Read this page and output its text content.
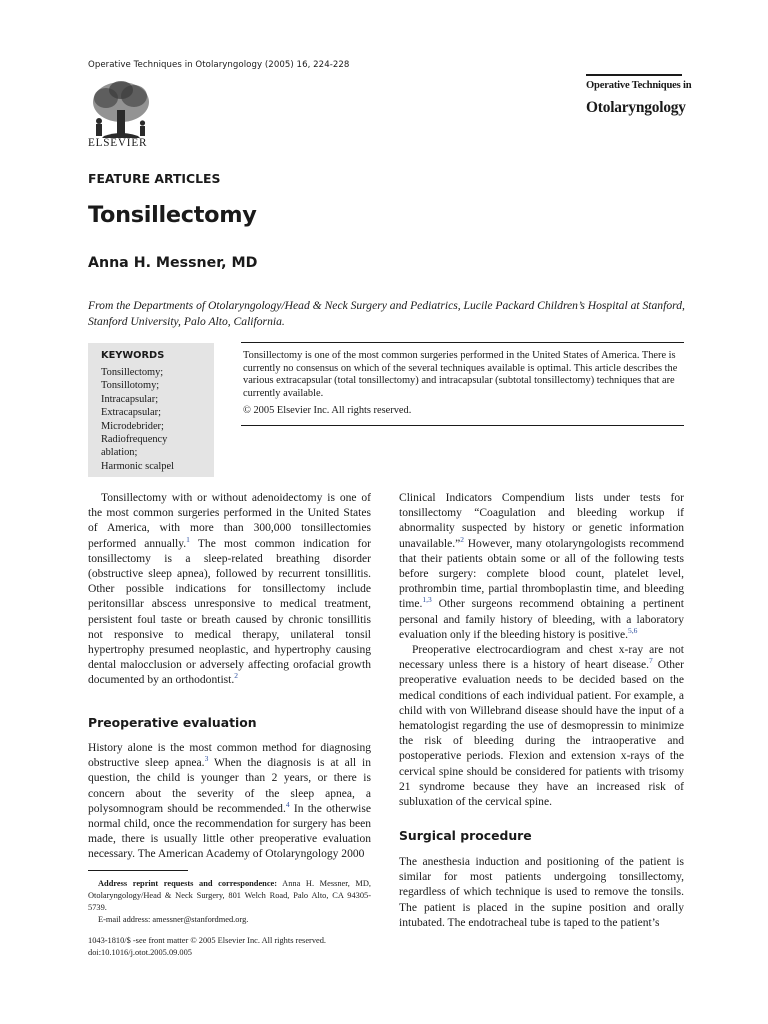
Operative Techniques in Otolaryngology (2005) 16, 224-228
ELSEVIER
Operative Techniques in
Otolaryngology
FEATURE ARTICLES
Tonsillectomy
Anna H. Messner, MD
From the Departments of Otolaryngology/Head & Neck Surgery and Pediatrics, Lucile Packard Children’s Hospital at Stanford, Stanford University, Palo Alto, California.
KEYWORDS
Tonsillectomy;
Tonsillotomy;
Intracapsular;
Extracapsular;
Microdebrider;
Radiofrequency
ablation;
Harmonic scalpel
Tonsillectomy is one of the most common surgeries performed in the United States of America. There is currently no consensus on which of the several techniques available is optimal. This article describes the various extracapsular (total tonsillectomy) and intracapsular (subtotal tonsillectomy) techniques that are currently available.
© 2005 Elsevier Inc. All rights reserved.

Tonsillectomy with or without adenoidectomy is one of the most common surgeries performed in the United States of America, with more than 300,000 tonsillectomies performed annually.$^1$ The most common indication for tonsillectomy is a sleep-related breathing disorder (obstructive sleep apnea), followed by recurrent tonsillitis. Other possible indications for tonsillectomy include peritonsillar abscess unresponsive to medical treatment, persistent foul taste or breath caused by chronic tonsillitis not responsive to medical therapy, unilateral tonsil hypertrophy presumed neoplastic, and hypertrophy causing dental malocclusion or adversely affecting orofacial growth documented by an orthodontist.$^2$

Preoperative evaluation

History alone is the most common method for diagnosing obstructive sleep apnea.$^3$ When the diagnosis is at all in question, the child is younger than 2 years, or there is concern about the severity of the sleep apnea, a polysomnogram should be recommended.$^4$ In the otherwise normal child, once the recommendation for surgery has been made, there is usually little other preoperative evaluation necessary. The American Academy of Otolaryngology 2000

Clinical Indicators Compendium lists under tests for tonsillectomy “Coagulation and bleeding workup if abnormality suspected by history or genetic information unavailable.”$^2$ However, many otolaryngologists recommend that their patients obtain some or all of the following tests before surgery: complete blood count, platelet level, prothrombin time, partial thromboplastin time, and bleeding time.$^{1,3}$ Other surgeons recommend obtaining a pertinent personal and family history of bleeding, with a laboratory evaluation only if the bleeding history is positive.$^{5,6}$

Preoperative electrocardiogram and chest x-ray are not necessary unless there is a history of heart disease.$^7$ Other preoperative evaluation needs to be decided based on the medical conditions of each individual patient. For example, a child with von Willebrand disease should have the input of a hematologist regarding the use of desmopressin to minimize the risk of bleeding during the intraoperative and postoperative periods. Flexion and extension x-rays of the cervical spine should be considered for patients with trisomy 21 syndrome because they have an increased risk of subluxation of the cervical spine.

Surgical procedure

The anesthesia induction and positioning of the patient is similar for most patients undergoing tonsillectomy, regardless of which technique is used to remove the tonsils. The patient is placed in the supine position and orally intubated. The endotracheal tube is taped to the patient’s

Address reprint requests and correspondence: Anna H. Messner, MD, Otolaryngology/Head & Neck Surgery, 801 Welch Road, Palo Alto, CA 94305-5739.

E-mail address: amessner@stanfordmed.org.

1043-1810/$ -see front matter © 2005 Elsevier Inc. All rights reserved.
doi:10.1016/j.otot.2005.09.005
